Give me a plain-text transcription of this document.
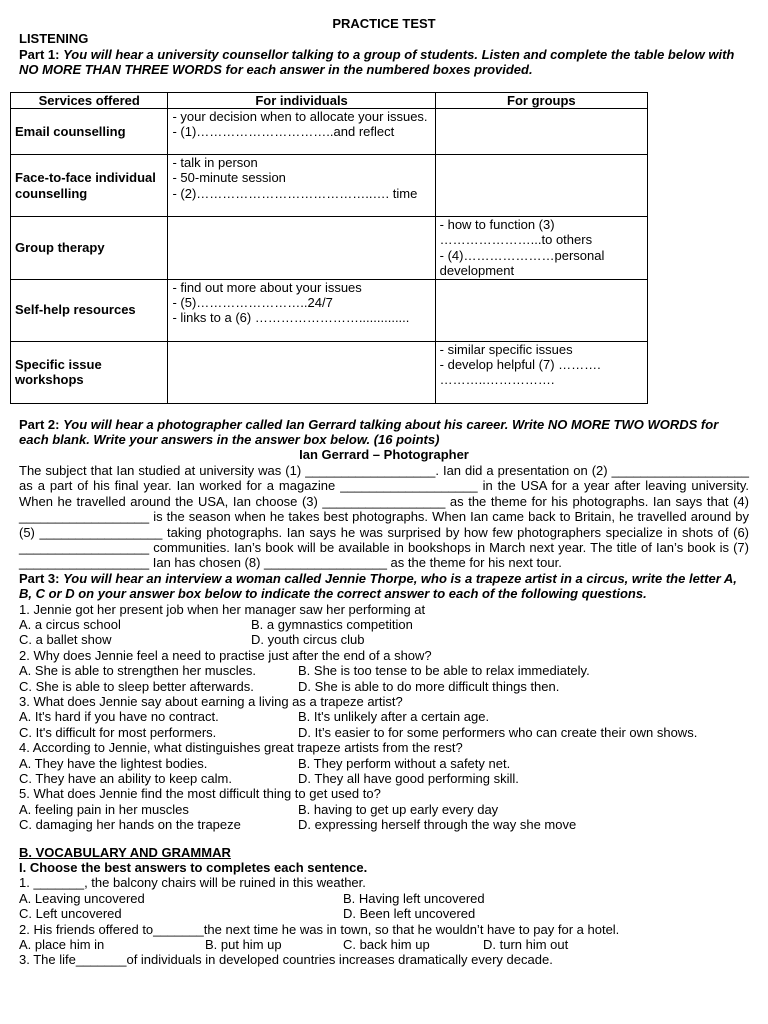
PRACTICE TEST
LISTENING
Part 1: You will hear a university counsellor talking to a group of students. Listen and complete the table below with NO MORE THAN THREE WORDS for each answer in the numbered boxes provided.
Services offered	For individuals	For groups
Email counselling	- your decision when to allocate your issues.
- (1)…………………………..and reflect	

Face-to-face individual counselling	- talk in person
- 50-minute session
- (2)…………………………………..…. time	

Group therapy		- how to function (3) …………………...to others
- (4)…………………personal development

Self-help resources	- find out more about your issues
- (5)……………………..24/7
- links to a (6) ……………………..............	

Specific issue workshops		- similar specific issues
- develop helpful (7) ………. ………..…………….
Part 2: You will hear a photographer called Ian Gerrard talking about his career. Write NO MORE TWO WORDS for each blank. Write your answers in the answer box below. (16 points)
Ian Gerrard – Photographer
The subject that Ian studied at university was (1) __________________. Ian did a presentation on (2) ___________________ as a part of his final year. Ian worked for a magazine ___________________ in the USA for a year after leaving university. When he travelled around the USA, Ian choose (3) _________________ as the theme for his photographs. Ian says that (4) __________________ is the season when he takes best photographs. When Ian came back to Britain, he travelled around by (5) _________________ taking photographs. Ian says he was surprised by how few photographers specialize in shots of (6) __________________ communities. Ian’s book will be available in bookshops in March next year. The title of Ian’s book is (7) __________________ Ian has chosen (8) _________________ as the theme for his next tour.
Part 3: You will hear an interview a woman called Jennie Thorpe, who is a trapeze artist in a circus, write the letter A, B, C or D on your answer box below to indicate the correct answer to each of the following questions.
1. Jennie got her present job when her manager saw her performing at
A. a circus school	B. a gymnastics competition
C. a ballet show	D. youth circus club
2. Why does Jennie feel a need to practise just after the end of a show?
A. She is able to strengthen her muscles.	B. She is too tense to be able to relax immediately.
C. She is able to sleep better afterwards.	D. She is able to do more difficult things then.
3. What does Jennie say about earning a living as a trapeze artist?
A. It's hard if you have no contract.	B. It's unlikely after a certain age.
C. It's difficult for most performers.	D. It’s easier to for some performers who can create their own shows.
4. According to Jennie, what distinguishes great trapeze artists from the rest?
A. They have the lightest bodies.	B. They perform without a safety net.
C. They have an ability to keep calm.	D. They all have good performing skill.
5. What does Jennie find the most difficult thing to get used to?
A. feeling pain in her muscles	B. having to get up early every day
C. damaging her hands on the trapeze	D. expressing herself through the way she move
B. VOCABULARY AND GRAMMAR
I. Choose the best answers to completes each sentence.
1. _______, the balcony chairs will be ruined in this weather.
A. Leaving uncovered	B. Having left uncovered
C. Left uncovered	D. Been left uncovered
2. His friends offered to_______the next time he was in town, so that he wouldn’t have to pay for a hotel.
A. place him in	B. put him up	C. back him up	D. turn him out
3. The life_______of individuals in developed countries increases dramatically every decade.
